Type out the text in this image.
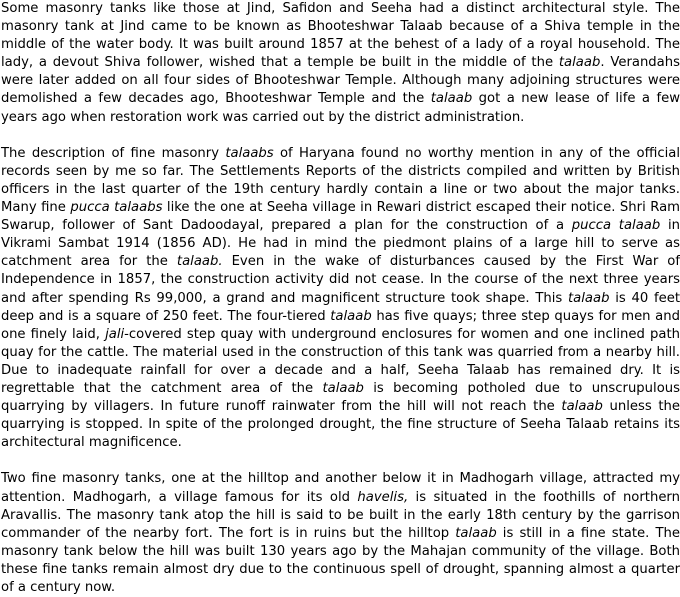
Some masonry tanks like those at Jind, Safidon and Seeha had a distinct architectural style. The masonry tank at Jind came to be known as Bhooteshwar Talaab because of a Shiva temple in the middle of the water body. It was built around 1857 at the behest of a lady of a royal household. The lady, a devout Shiva follower, wished that a temple be built in the middle of the talaab. Verandahs were later added on all four sides of Bhooteshwar Temple. Although many adjoining structures were demolished a few decades ago, Bhooteshwar Temple and the talaab got a new lease of life a few years ago when restoration work was carried out by the district administration.

The description of fine masonry talaabs of Haryana found no worthy mention in any of the official records seen by me so far. The Settlements Reports of the districts compiled and written by British officers in the last quarter of the 19th century hardly contain a line or two about the major tanks. Many fine pucca talaabs like the one at Seeha village in Rewari district escaped their notice. Shri Ram Swarup, follower of Sant Dadoodayal, prepared a plan for the construction of a pucca talaab in Vikrami Sambat 1914 (1856 AD). He had in mind the piedmont plains of a large hill to serve as catchment area for the talaab. Even in the wake of disturbances caused by the First War of Independence in 1857, the construction activity did not cease. In the course of the next three years and after spending Rs 99,000, a grand and magnificent structure took shape. This talaab is 40 feet deep and is a square of 250 feet. The four-tiered talaab has five quays; three step quays for men and one finely laid, jali-covered step quay with underground enclosures for women and one inclined path quay for the cattle. The material used in the construction of this tank was quarried from a nearby hill. Due to inadequate rainfall for over a decade and a half, Seeha Talaab has remained dry. It is regrettable that the catchment area of the talaab is becoming potholed due to unscrupulous quarrying by villagers. In future runoff rainwater from the hill will not reach the talaab unless the quarrying is stopped. In spite of the prolonged drought, the fine structure of Seeha Talaab retains its architectural magnificence.

Two fine masonry tanks, one at the hilltop and another below it in Madhogarh village, attracted my attention. Madhogarh, a village famous for its old havelis, is situated in the foothills of northern Aravallis. The masonry tank atop the hill is said to be built in the early 18th century by the garrison commander of the nearby fort. The fort is in ruins but the hilltop talaab is still in a fine state. The masonry tank below the hill was built 130 years ago by the Mahajan community of the village. Both these fine tanks remain almost dry due to the continuous spell of drought, spanning almost a quarter of a century now.
